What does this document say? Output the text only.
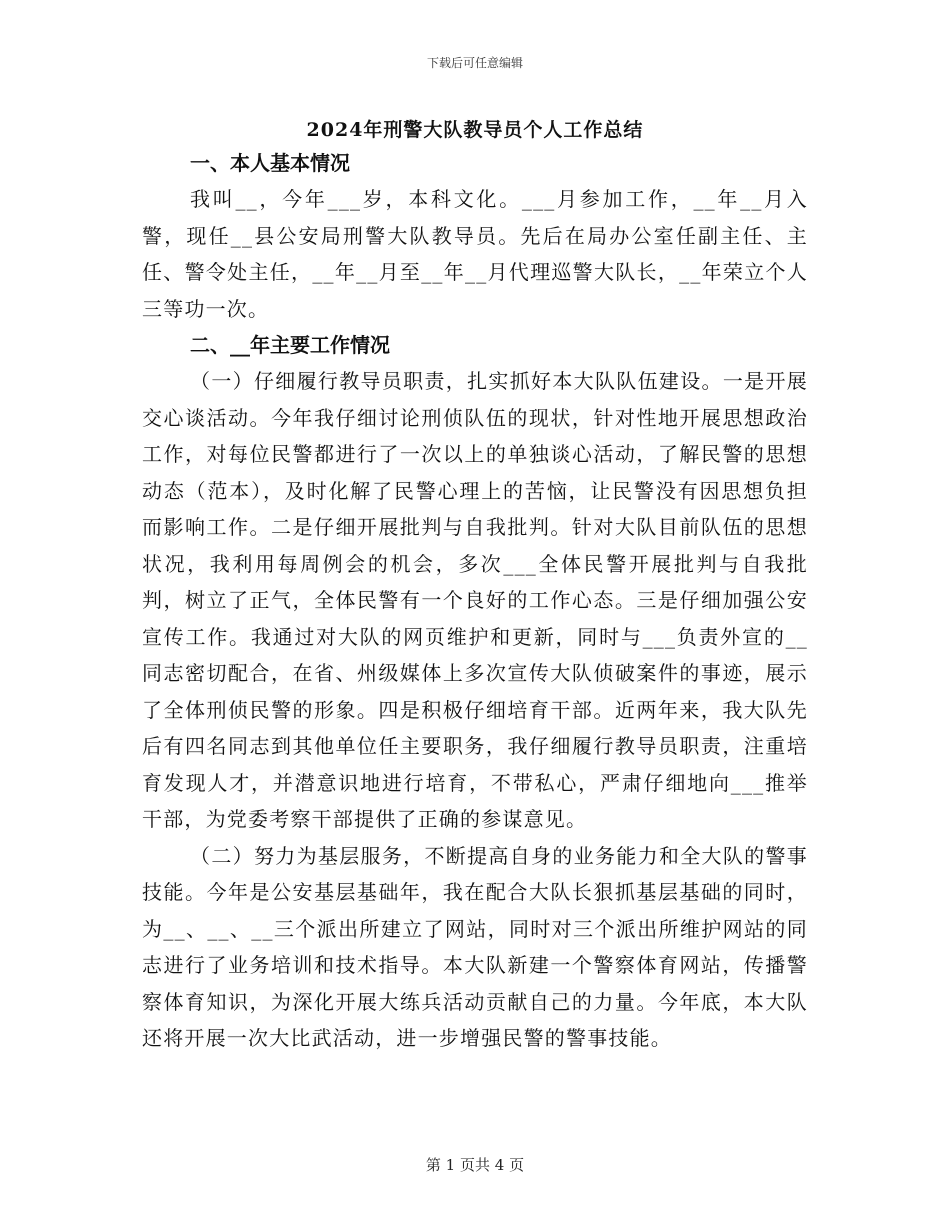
下载后可任意编辑
2024年刑警大队教导员个人工作总结
一、本人基本情况

我叫__，今年___岁，本科文化。___月参加工作，__年__月入警，现任__县公安局刑警大队教导员。先后在局办公室任副主任、主任、警令处主任，__年__月至__年__月代理巡警大队长，__年荣立个人三等功一次。

二、__年主要工作情况

（一）仔细履行教导员职责，扎实抓好本大队队伍建设。一是开展交心谈活动。今年我仔细讨论刑侦队伍的现状，针对性地开展思想政治工作，对每位民警都进行了一次以上的单独谈心活动，了解民警的思想动态（范本），及时化解了民警心理上的苦恼，让民警没有因思想负担而影响工作。二是仔细开展批判与自我批判。针对大队目前队伍的思想状况，我利用每周例会的机会，多次___全体民警开展批判与自我批判，树立了正气，全体民警有一个良好的工作心态。三是仔细加强公安宣传工作。我通过对大队的网页维护和更新，同时与___负责外宣的__同志密切配合，在省、州级媒体上多次宣传大队侦破案件的事迹，展示了全体刑侦民警的形象。四是积极仔细培育干部。近两年来，我大队先后有四名同志到其他单位任主要职务，我仔细履行教导员职责，注重培育发现人才，并潜意识地进行培育，不带私心，严肃仔细地向___推举干部，为党委考察干部提供了正确的参谋意见。

（二）努力为基层服务，不断提高自身的业务能力和全大队的警事技能。今年是公安基层基础年，我在配合大队长狠抓基层基础的同时，为__、__、__三个派出所建立了网站，同时对三个派出所维护网站的同志进行了业务培训和技术指导。本大队新建一个警察体育网站，传播警察体育知识，为深化开展大练兵活动贡献自己的力量。今年底，本大队还将开展一次大比武活动，进一步增强民警的警事技能。

第 1 页共 4 页
